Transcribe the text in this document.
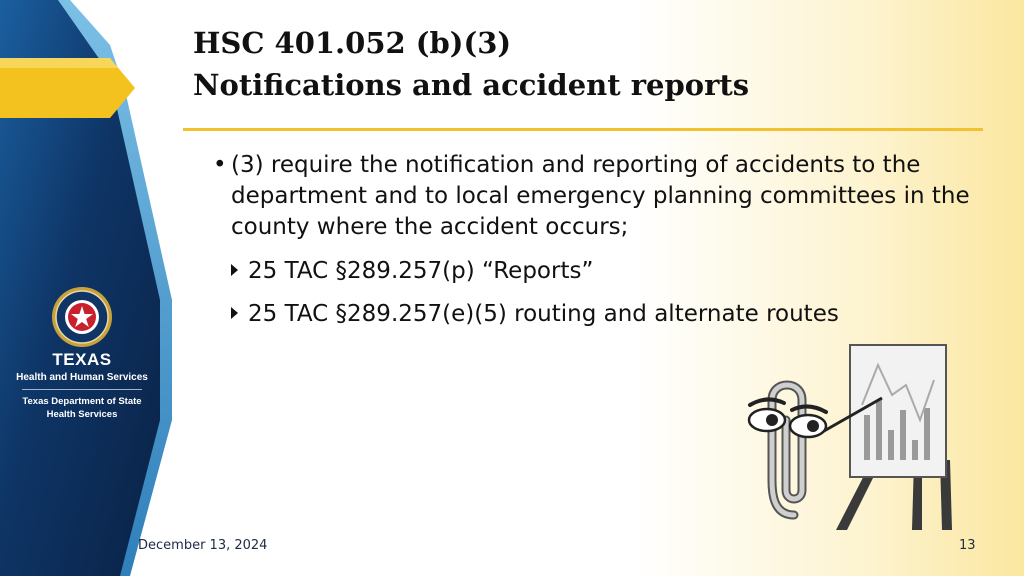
TEXAS
Health and Human Services
Texas Department of State
Health Services
HSC 401.052 (b)(3)
Notifications and accident reports
• (3) require the notification and reporting of accidents to the department and to local emergency planning committees in the county where the accident occurs;
25 TAC §289.257(p) “Reports”
25 TAC §289.257(e)(5) routing and alternate routes
December 13, 2024	13
